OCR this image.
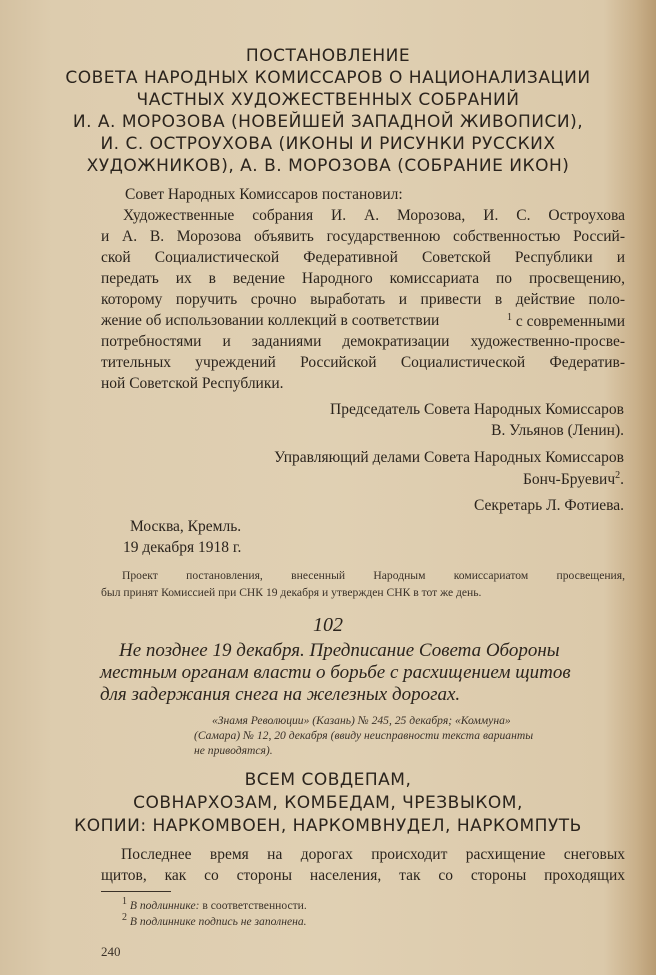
ПОСТАНОВЛЕНИЕ
СОВЕТА НАРОДНЫХ КОМИССАРОВ О НАЦИОНАЛИЗАЦИИ
ЧАСТНЫХ ХУДОЖЕСТВЕННЫХ СОБРАНИЙ
И. А. МОРОЗОВА (НОВЕЙШЕЙ ЗАПАДНОЙ ЖИВОПИСИ),
И. С. ОСТРОУХОВА (ИКОНЫ И РИСУНКИ РУССКИХ
ХУДОЖНИКОВ), А. В. МОРОЗОВА (СОБРАНИЕ ИКОН)
Совет Народных Комиссаров постановил:
Художественные собрания И. А. Морозова, И. С. Остроухова
и А. В. Морозова объявить государственною собственностью Россий-
ской Социалистической Федеративной Советской Республики и
передать их в ведение Народного комиссариата по просвещению,
которому поручить срочно выработать и привести в действие поло-
жение об использовании коллекций в соответствии	$^1$ с современными
потребностями и заданиями демократизации художественно-просве-
тительных учреждений Российской Социалистической Федератив-
ной Советской Республики.
Председатель Совета Народных Комиссаров
В. Ульянов (Ленин).
Управляющий делами Совета Народных Комиссаров
Бонч-Бруевич$^2$.
Секретарь Л. Фотиева.
Москва, Кремль.
19 декабря 1918 г.
Проект постановления, внесенный Народным комиссариатом просвещения,
был принят Комиссией при СНК 19 декабря и утвержден СНК в тот же день.
102
Не позднее 19 декабря. Предписание Совета Обороны
местным органам власти о борьбе с расхищением щитов
для задержания снега на железных дорогах.
«Знамя Революции» (Казань) № 245, 25 декабря; «Коммуна»
(Самара) № 12, 20 декабря (ввиду неисправности текста варианты
не приводятся).
ВСЕМ СОВДЕПАМ,
СОВНАРХОЗАМ, КОМБЕДАМ, ЧРЕЗВЫКОМ,
КОПИИ: НАРКОМВОЕН, НАРКОМВНУДЕЛ, НАРКОМПУТЬ
Последнее время на дорогах происходит расхищение снеговых
щитов, как со стороны населения, так со стороны проходящих
1 В подлиннике: в соответственности.
2 В подлиннике подпись не заполнена.
240
